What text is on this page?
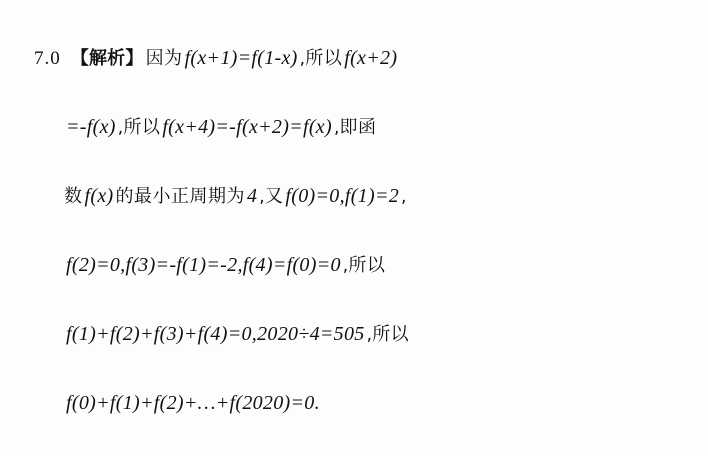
7.0 【解析】 因为 f(x+1)=f(1-x) ,所以 f(x+2)
=-f(x) ,所以 f(x+4)=-f(x+2)=f(x) ,即函
数 f(x) 的最小正周期为 4 ,又 f(0)=0,f(1)=2 ,
f(2)=0,f(3)=-f(1)=-2,f(4)=f(0)=0 ,所以
f(1)+f(2)+f(3)+f(4)=0,2020÷4=505 ,所以
f(0)+f(1)+f(2)+…+f(2020)=0.
